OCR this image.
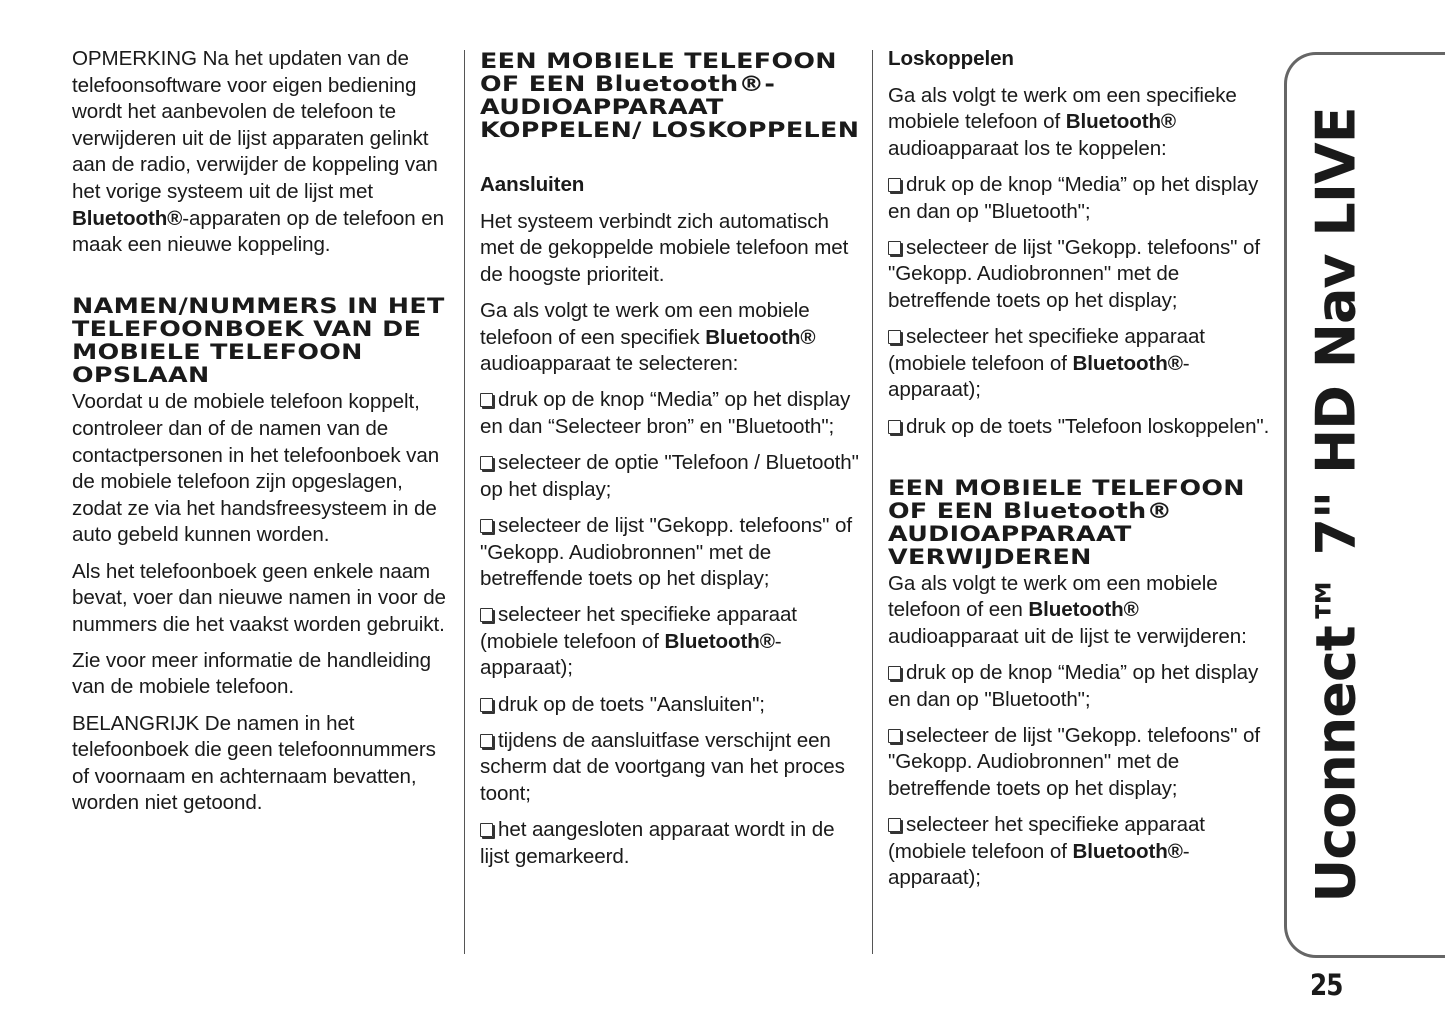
OPMERKING Na het updaten van de telefoonsoftware voor eigen bediening wordt het aanbevolen de telefoon te verwijderen uit de lijst apparaten gelinkt aan de radio, verwijder de koppeling van het vorige systeem uit de lijst met Bluetooth®-apparaten op de telefoon en maak een nieuwe koppeling.

NAMEN/NUMMERS IN HET TELEFOONBOEK VAN DE MOBIELE TELEFOON OPSLAAN

Voordat u de mobiele telefoon koppelt, controleer dan of de namen van de contactpersonen in het telefoonboek van de mobiele telefoon zijn opgeslagen, zodat ze via het handsfreesysteem in de auto gebeld kunnen worden.

Als het telefoonboek geen enkele naam bevat, voer dan nieuwe namen in voor de nummers die het vaakst worden gebruikt.

Zie voor meer informatie de handleiding van de mobiele telefoon.

BELANGRIJK De namen in het telefoonboek die geen telefoonnummers of voornaam en achternaam bevatten, worden niet getoond.

EEN MOBIELE TELEFOON OF EEN Bluetooth®-AUDIOAPPARAAT KOPPELEN/ LOSKOPPELEN
Aansluiten

Het systeem verbindt zich automatisch met de gekoppelde mobiele telefoon met de hoogste prioriteit.

Ga als volgt te werk om een mobiele telefoon of een specifiek Bluetooth® audioapparaat te selecteren:

druk op de knop “Media” op het display en dan “Selecteer bron” en "Bluetooth";

selecteer de optie "Telefoon / Bluetooth" op het display;

selecteer de lijst "Gekopp. telefoons" of "Gekopp. Audiobronnen" met de betreffende toets op het display;

selecteer het specifieke apparaat (mobiele telefoon of Bluetooth®-apparaat);

druk op de toets "Aansluiten";

tijdens de aansluitfase verschijnt een scherm dat de voortgang van het proces toont;

het aangesloten apparaat wordt in de lijst gemarkeerd.

Loskoppelen

Ga als volgt te werk om een specifieke mobiele telefoon of Bluetooth® audioapparaat los te koppelen:

druk op de knop “Media” op het display en dan op "Bluetooth";

selecteer de lijst "Gekopp. telefoons" of "Gekopp. Audiobronnen" met de betreffende toets op het display;

selecteer het specifieke apparaat (mobiele telefoon of Bluetooth®-apparaat);

druk op de toets "Telefoon loskoppelen".

EEN MOBIELE TELEFOON OF EEN Bluetooth® AUDIOAPPARAAT VERWIJDEREN

Ga als volgt te werk om een mobiele telefoon of een Bluetooth® audioapparaat uit de lijst te verwijderen:

druk op de knop “Media” op het display en dan op "Bluetooth";

selecteer de lijst "Gekopp. telefoons" of "Gekopp. Audiobronnen" met de betreffende toets op het display;

selecteer het specifieke apparaat (mobiele telefoon of Bluetooth®-apparaat);	Uconnect™ 7" HD Nav LIVE
25
